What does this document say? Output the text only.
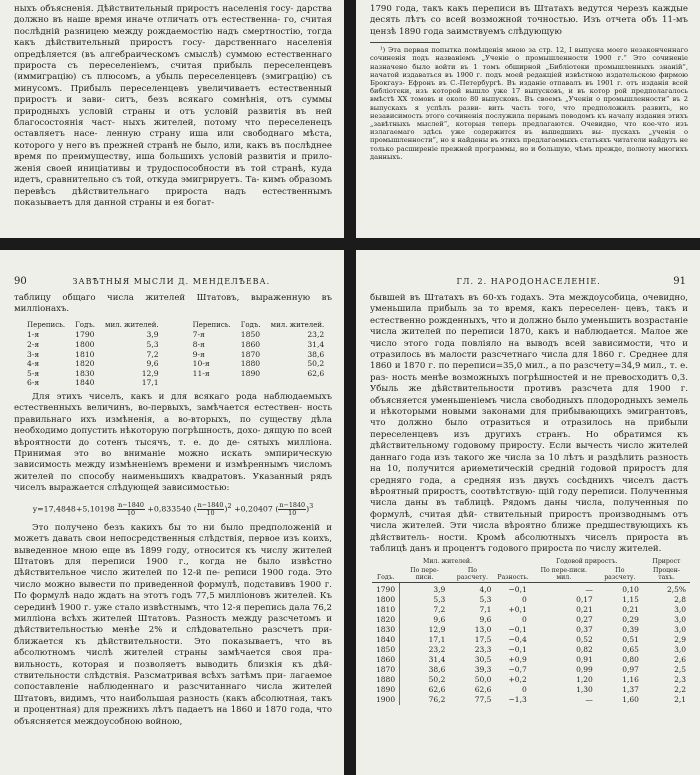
ныхъ объясненія. Дѣйствительный приростъ населенія госу- дарства должно въ наше время иначе отличать отъ естественна- го, считая послѣдній разницею между рождаемостію надъ смертностію, тогда какъ дѣйствительный приростъ госу- дарственнаго населенія опредѣляется (въ алгебраическомъ смыслѣ) суммою естественнаго прироста съ переселеніемъ, считая прибыль переселенцевъ (иммиграцію) съ плюсомъ, а убыль переселенцевъ (эмиграцію) съ минусомъ. Прибыль переселенцевъ увеличиваетъ естественный приростъ и зави- ситъ, безъ всякаго сомнѣнія, отъ суммы природныхъ условій страны и отъ условій развитія въ ней благосостоянія част- ныхъ жителей, потому что переселенецъ оставляетъ насе- ленную страну иша или свободнаго мѣста, которого у него въ прежней странѣ не было, или, какъ въ послѣднее время по преимуществу, иша большихъ условій развитія и прило- женія своей иниціативы и трудоспособности въ той странѣ, куда идетъ, сравнительно съ той, откуда эмигрируетъ. Та- кимъ образомъ перевѣсъ дѣйствительнаго прироста надъ естественнымъ показываетъ для данной страны и ея богат-

1790 года, такъ какъ переписи въ Штатахъ ведутся черезъ каждые десять лѣтъ со всей возможной точностью. Изъ отчета объ 11-мъ цензѣ 1890 года заимствуемъ слѣдующую

¹) Эта первая попытка помѣщенія мною за стр. 12, I выпуска моего незаконченнаго сочиненія подъ названіемъ „Ученіе о промышленности 1900 г.“ Это сочиненіе назначено было войти въ 1 томъ обширной „Библіотеки промышленныхъ знаній“, начатой издаваться въ 1900 г. подъ моей редакціей извѣстною издательскою фирмою Брокгауз- Ефронъ въ С.-Петербургѣ. Въ изданіе отпавалъ въ 1901 г. отъ изданія всей библіотеки, изъ которой вышло уже 17 выпусковъ, и въ котор рой предполагалось вмѣстѣ XX томовъ и около 80 выпусковъ. Въ своемъ „Ученіи о промышленности“ въ 2 выпускахъ я успѣлъ разви- вить часть того, что предположилъ развить, но независимость этого сочиненія послужила первымъ поводомъ къ началу издания этихъ „завѣтныхъ мыслей“, которыя теперь предлагаются. Очевидно, что кое-что изъ излагаемаго здѣсь уже содержится въ вышедшихъ вы- пускахъ „ученія о промышленности“, но я найдены въ этихъ предлагаемыхъ статьяхъ читатели найдутъ не только расширеніе прежней программы, но и большую, чѣмъ прежде, полноту многихъ данныхъ.

90	ЗАВѢТНЫЯ МЫСЛИ Д. МЕНДЕЛѢЕВА.

таблицу общаго числа жителей Штатовъ, выраженную въ милліонахъ.

Перепись.	Годъ.	мил. жителей.		Перепись.	Годъ.	мил. жителей.
1-я	1790	3,9		7-я	1850	23,2
2-я	1800	5,3		8-я	1860	31,4
3-я	1810	7,2		9-я	1870	38,6
4-я	1820	9,6		10-я	1880	50,2
5-я	1830	12,9		11-я	1890	62,6
6-я	1840	17,1				

Для этихъ чиселъ, какъ и для всякаго рода наблюдаемыхъ естественныхъ величинъ, во-первыхъ, замѣчается естествен- ность правильнаго ихъ измѣненія, а во-вторыхъ, по существу дѣла необходимо допустить нѣкоторую погрѣшность, дохо- дящую по всей вѣроятности до сотенъ тысячъ, т. е. до де- сятыхъ милліона. Принимая это во вниманіе можно искать эмпирическую зависимость между измѣненіемъ времени и измѣреннымъ числомъ жителей по способу наименьшихъ квадратовъ. Указанный рядъ чиселъ выражается слѣдующей зависимостью:

$y=17,4848+5,10198 \frac{n-1840}{10} +0,833540$ ( $\frac{n-1840}{10} )^2 +0,20407$ ( $\frac{n-1840}{10} )^3$

Это получено безъ какихъ бы то ни было предположеній и можетъ давать свои непосредственныя слѣдствія, первое изъ коихъ, выведенное мною еще въ 1899 году, относится къ числу жителей Штатовъ для переписи 1900 г., когда не было извѣстно дѣйствительное число жителей по 12-й пе- реписи 1900 года. Это число можно вывести по приведенной формулѣ, подставивъ 1900 г. По формулѣ надо ждать на этотъ годъ 77,5 милліоновъ жителей. Къ серединѣ 1900 г. уже стало извѣстнымъ, что 12-я перепись дала 76,2 милліона всѣхъ жителей Штатовъ. Разность между разсчетомъ и дѣйствительностью менѣе 2% и слѣдовательно разсчетъ при- ближается къ дѣйствительности. Это показываетъ, что въ абсолютномъ числѣ жителей страны замѣчается своя пра- вильность, которая и позволяетъ выводить близкія къ дѣй- ствительности слѣдствія. Разсматривая всѣхъ затѣмъ при- лагаемое сопоставленіе наблюденнаго и разсчитаннаго числа жителей Штатовъ, видимъ, что наибольшая разность (какъ абсолютная, такъ и процентная) для прежнихъ лѣтъ падаетъ на 1860 и 1870 года, что объясняется междоусобною войною,

ГЛ. 2. НАРОДОНАСЕЛЕНІЕ.	91

бывшей въ Штатахъ въ 60-хъ годахъ. Эта междоусобица, очевидно, уменьшила прибыль за то время, какъ переселен- цевъ, такъ и естественно рожденныхъ, что и должно было уменьшить возрастаніе числа жителей по переписи 1870, какъ и наблюдается. Малое же число этого года повліяло на выводъ всей зависимости, что и отразилось въ малости разсчетнаго числа для 1860 г. Среднее для 1860 и 1870 г. по переписи=35,0 мил., а по разсчету=34,9 мил., т. е. раз- ность менѣе возможныхъ погрѣшностей и не превосходитъ 0,3. Убыль же дѣйствительности противъ разсчета для 1900 г. объясняется уменьшеніемъ числа свободныхъ плодородныхъ земель и нѣкоторыми новыми законами для прибывающихъ эмигрантовъ, что должно было отразиться и отразилось на прибыли переселенцевъ изъ другихъ странъ. Но обратимся къ дѣйствительному годовому приросту. Если вычесть число жителей даннаго года изъ такого же числа за 10 лѣтъ и раздѣлить разность на 10, получится ариѳметическій средній годовой приростъ для средняго года, а средняя изъ двухъ сосѣднихъ чиселъ дастъ вѣроятный приростъ, соотвѣтствую- щій году переписи. Полученныя числа даны въ таблицѣ. Рядомъ даны числа, полученныя по формулѣ, считая дѣй- ствительный приростъ производнымъ отъ числа жителей. Эти числа вѣроятно ближе предшествующихъ къ дѣйствитель- ности. Кромѣ абсолютныхъ чиселъ прироста въ таблицѣ данъ и процентъ годового прироста по числу жителей.

	Мил. жителей.			Годовой приростъ.		Прирост
Годъ.	По пере-писи.	По разсчету.	Разность.	По пере-писи. мил.	По разсчету.	Процен-тахъ.
1790	3,9	4,0	−0,1	—	0,10	2,5%
1800	5,3	5,3	0	0,17	1,15	2,8
1810	7,2	7,1	+0,1	0,21	0,21	3,0
1820	9,6	9,6	0	0,27	0,29	3,0
1830	12,9	13,0	−0,1	0,37	0,39	3,0
1840	17,1	17,5	−0,4	0,52	0,51	2,9
1850	23,2	23,3	−0,1	0,82	0,65	3,0
1860	31,4	30,5	+0,9	0,91	0,80	2,6
1870	38,6	39,3	−0,7	0,99	0,97	2,5
1880	50,2	50,0	+0,2	1,20	1,16	2,3
1890	62,6	62,6	0	1,30	1,37	2,2
1900	76,2	77,5	−1,3	—	1,60	2,1
